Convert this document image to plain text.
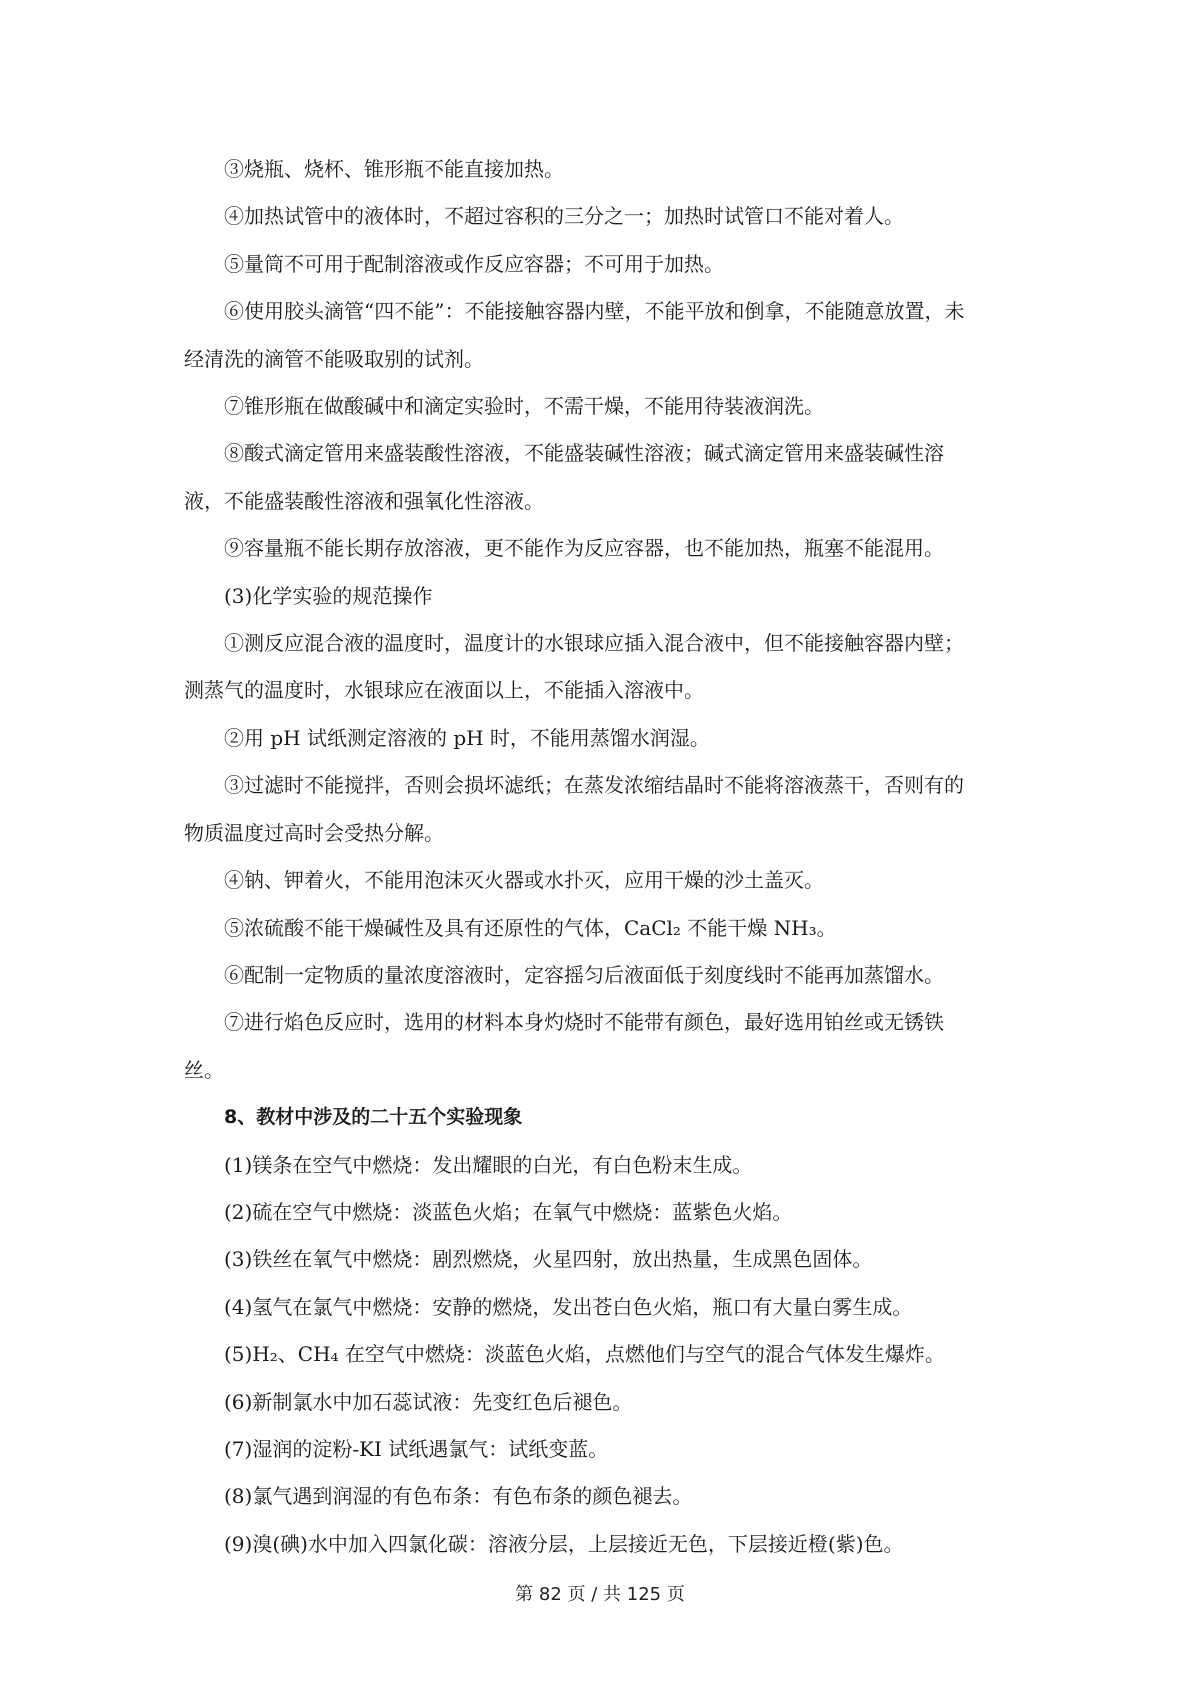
③烧瓶、烧杯、锥形瓶不能直接加热。

④加热试管中的液体时，不超过容积的三分之一；加热时试管口不能对着人。

⑤量筒不可用于配制溶液或作反应容器；不可用于加热。

⑥使用胶头滴管“四不能”：不能接触容器内壁，不能平放和倒拿，不能随意放置，未

经清洗的滴管不能吸取别的试剂。

⑦锥形瓶在做酸碱中和滴定实验时，不需干燥，不能用待装液润洗。

⑧酸式滴定管用来盛装酸性溶液，不能盛装碱性溶液；碱式滴定管用来盛装碱性溶

液，不能盛装酸性溶液和强氧化性溶液。

⑨容量瓶不能长期存放溶液，更不能作为反应容器，也不能加热，瓶塞不能混用。

(3)化学实验的规范操作

①测反应混合液的温度时，温度计的水银球应插入混合液中，但不能接触容器内壁；

测蒸气的温度时，水银球应在液面以上，不能插入溶液中。

②用 pH 试纸测定溶液的 pH 时，不能用蒸馏水润湿。

③过滤时不能搅拌，否则会损坏滤纸；在蒸发浓缩结晶时不能将溶液蒸干，否则有的

物质温度过高时会受热分解。

④钠、钾着火，不能用泡沫灭火器或水扑灭，应用干燥的沙土盖灭。

⑤浓硫酸不能干燥碱性及具有还原性的气体，CaCl₂ 不能干燥 NH₃。

⑥配制一定物质的量浓度溶液时，定容摇匀后液面低于刻度线时不能再加蒸馏水。

⑦进行焰色反应时，选用的材料本身灼烧时不能带有颜色，最好选用铂丝或无锈铁

丝。

8、教材中涉及的二十五个实验现象

(1)镁条在空气中燃烧：发出耀眼的白光，有白色粉末生成。

(2)硫在空气中燃烧：淡蓝色火焰；在氧气中燃烧：蓝紫色火焰。

(3)铁丝在氧气中燃烧：剧烈燃烧，火星四射，放出热量，生成黑色固体。

(4)氢气在氯气中燃烧：安静的燃烧，发出苍白色火焰，瓶口有大量白雾生成。

(5)H₂、CH₄ 在空气中燃烧：淡蓝色火焰，点燃他们与空气的混合气体发生爆炸。

(6)新制氯水中加石蕊试液：先变红色后褪色。

(7)湿润的淀粉-KI 试纸遇氯气：试纸变蓝。

(8)氯气遇到润湿的有色布条：有色布条的颜色褪去。

(9)溴(碘)水中加入四氯化碳：溶液分层，上层接近无色，下层接近橙(紫)色。

第 82 页 / 共 125 页
